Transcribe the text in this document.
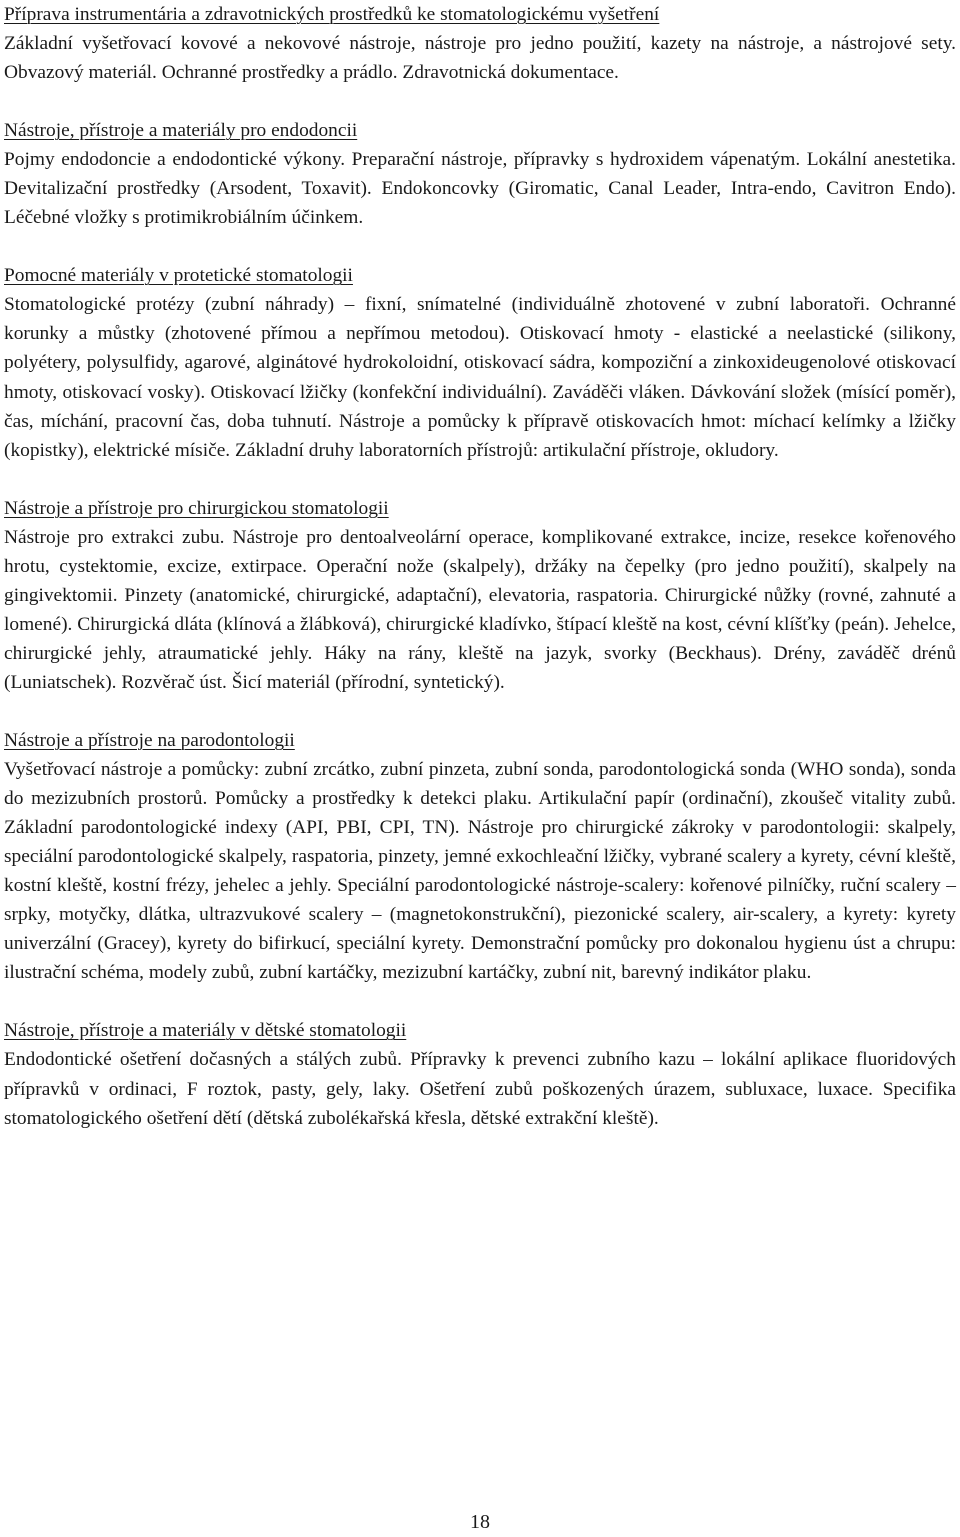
Příprava instrumentária a zdravotnických prostředků ke stomatologickému vyšetření
Základní vyšetřovací kovové a nekovové nástroje, nástroje pro jedno použití, kazety na nástroje, a nástrojové sety. Obvazový materiál. Ochranné prostředky a prádlo. Zdravotnická dokumentace.
Nástroje, přístroje a materiály pro endodoncii
Pojmy endodoncie a endodontické výkony. Preparační nástroje, přípravky s hydroxidem vápenatým. Lokální anestetika. Devitalizační prostředky (Arsodent, Toxavit). Endokoncovky (Giromatic, Canal Leader, Intra-endo, Cavitron Endo). Léčebné vložky s protimikrobiálním účinkem.
Pomocné materiály v protetické stomatologii
Stomatologické protézy (zubní náhrady) – fixní, snímatelné (individuálně zhotovené v zubní laboratoři. Ochranné korunky a můstky (zhotovené přímou a nepřímou metodou). Otiskovací hmoty - elastické a neelastické (silikony, polyétery, polysulfidy, agarové, alginátové hydrokoloidní, otiskovací sádra, kompoziční a zinkoxideugenolové otiskovací hmoty, otiskovací vosky). Otiskovací lžičky (konfekční individuální). Zaváděči vláken. Dávkování složek (mísící poměr), čas, míchání, pracovní čas, doba tuhnutí. Nástroje a pomůcky k přípravě otiskovacích hmot: míchací kelímky a lžičky (kopistky), elektrické mísiče. Základní druhy laboratorních přístrojů: artikulační přístroje, okludory.
Nástroje a přístroje pro chirurgickou stomatologii
Nástroje pro extrakci zubu. Nástroje pro dentoalveolární operace, komplikované extrakce, incize, resekce kořenového hrotu, cystektomie, excize, extirpace. Operační nože (skalpely), držáky na čepelky (pro jedno použití), skalpely na gingivektomii. Pinzety (anatomické, chirurgické, adaptační), elevatoria, raspatoria. Chirurgické nůžky (rovné, zahnuté a lomené). Chirurgická dláta (klínová a žlábková), chirurgické kladívko, štípací kleště na kost, cévní klíšťky (peán). Jehelce, chirurgické jehly, atraumatické jehly. Háky na rány, kleště na jazyk, svorky (Beckhaus). Drény, zaváděč drénů (Luniatschek). Rozvěrač úst. Šicí materiál (přírodní, syntetický).
Nástroje a přístroje na parodontologii
Vyšetřovací nástroje a pomůcky: zubní zrcátko, zubní pinzeta, zubní sonda, parodontologická sonda (WHO sonda), sonda do mezizubních prostorů. Pomůcky a prostředky k detekci plaku. Artikulační papír (ordinační), zkoušeč vitality zubů. Základní parodontologické indexy (API, PBI, CPI, TN). Nástroje pro chirurgické zákroky v parodontologii: skalpely, speciální parodontologické skalpely, raspatoria, pinzety, jemné exkochleační lžičky, vybrané scalery a kyrety, cévní kleště, kostní kleště, kostní frézy, jehelec a jehly. Speciální parodontologické nástroje-scalery: kořenové pilníčky, ruční scalery – srpky, motyčky, dlátka, ultrazvukové scalery – (magnetokonstrukční), piezonické scalery, air-scalery, a kyrety: kyrety univerzální (Gracey), kyrety do bifirkucí, speciální kyrety. Demonstrační pomůcky pro dokonalou hygienu úst a chrupu: ilustrační schéma, modely zubů, zubní kartáčky, mezizubní kartáčky, zubní nit, barevný indikátor plaku.
Nástroje, přístroje a materiály v dětské stomatologii
Endodontické ošetření dočasných a stálých zubů. Přípravky k prevenci zubního kazu – lokální aplikace fluoridových přípravků v ordinaci, F roztok, pasty, gely, laky. Ošetření zubů poškozených úrazem, subluxace, luxace. Specifika stomatologického ošetření dětí (dětská zubolékařská křesla, dětské extrakční kleště).
18
